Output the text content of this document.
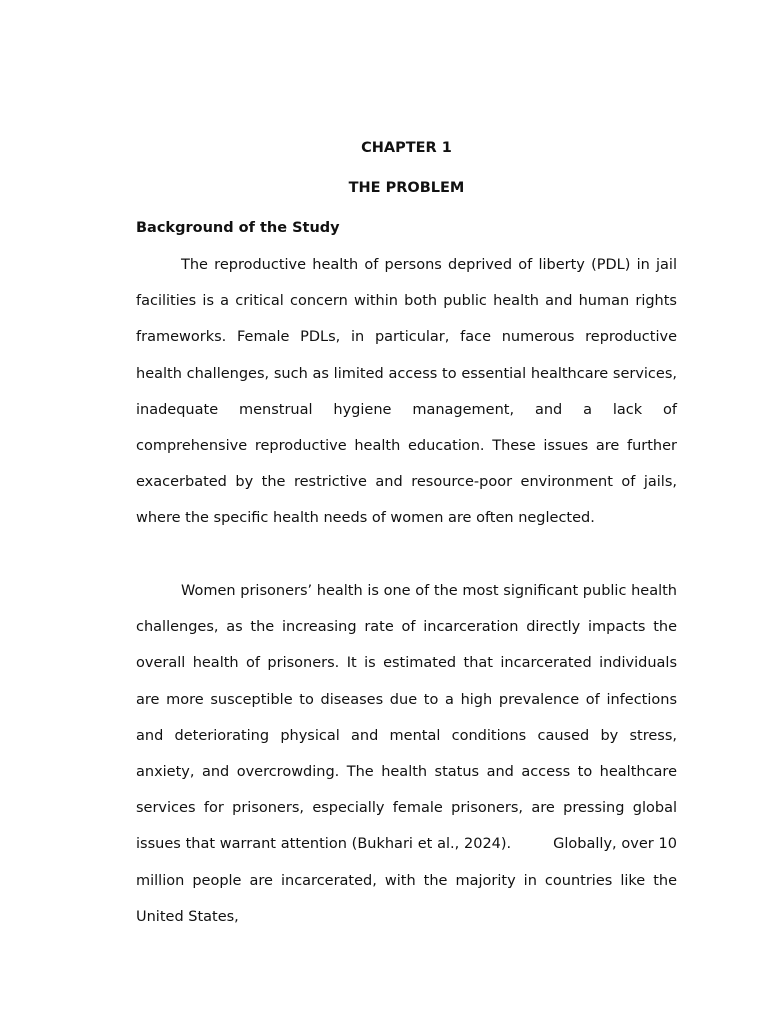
CHAPTER 1

THE PROBLEM

Background of the Study

The reproductive health of persons deprived of liberty (PDL) in jail facilities is a critical concern within both public health and human rights frameworks. Female PDLs, in particular, face numerous reproductive health challenges, such as limited access to essential healthcare services, inadequate menstrual hygiene management, and a lack of comprehensive reproductive health education. These issues are further exacerbated by the restrictive and resource-poor environment of jails, where the specific health needs of women are often neglected.

Women prisoners’ health is one of the most significant public health challenges, as the increasing rate of incarceration directly impacts the overall health of prisoners. It is estimated that incarcerated individuals are more susceptible to diseases due to a high prevalence of infections and deteriorating physical and mental conditions caused by stress, anxiety, and overcrowding. The health status and access to healthcare services for prisoners, especially female prisoners, are pressing global issues that warrant attention (Bukhari et al., 2024).	Globally, over 10 million people are incarcerated, with the majority in countries like the United States,
